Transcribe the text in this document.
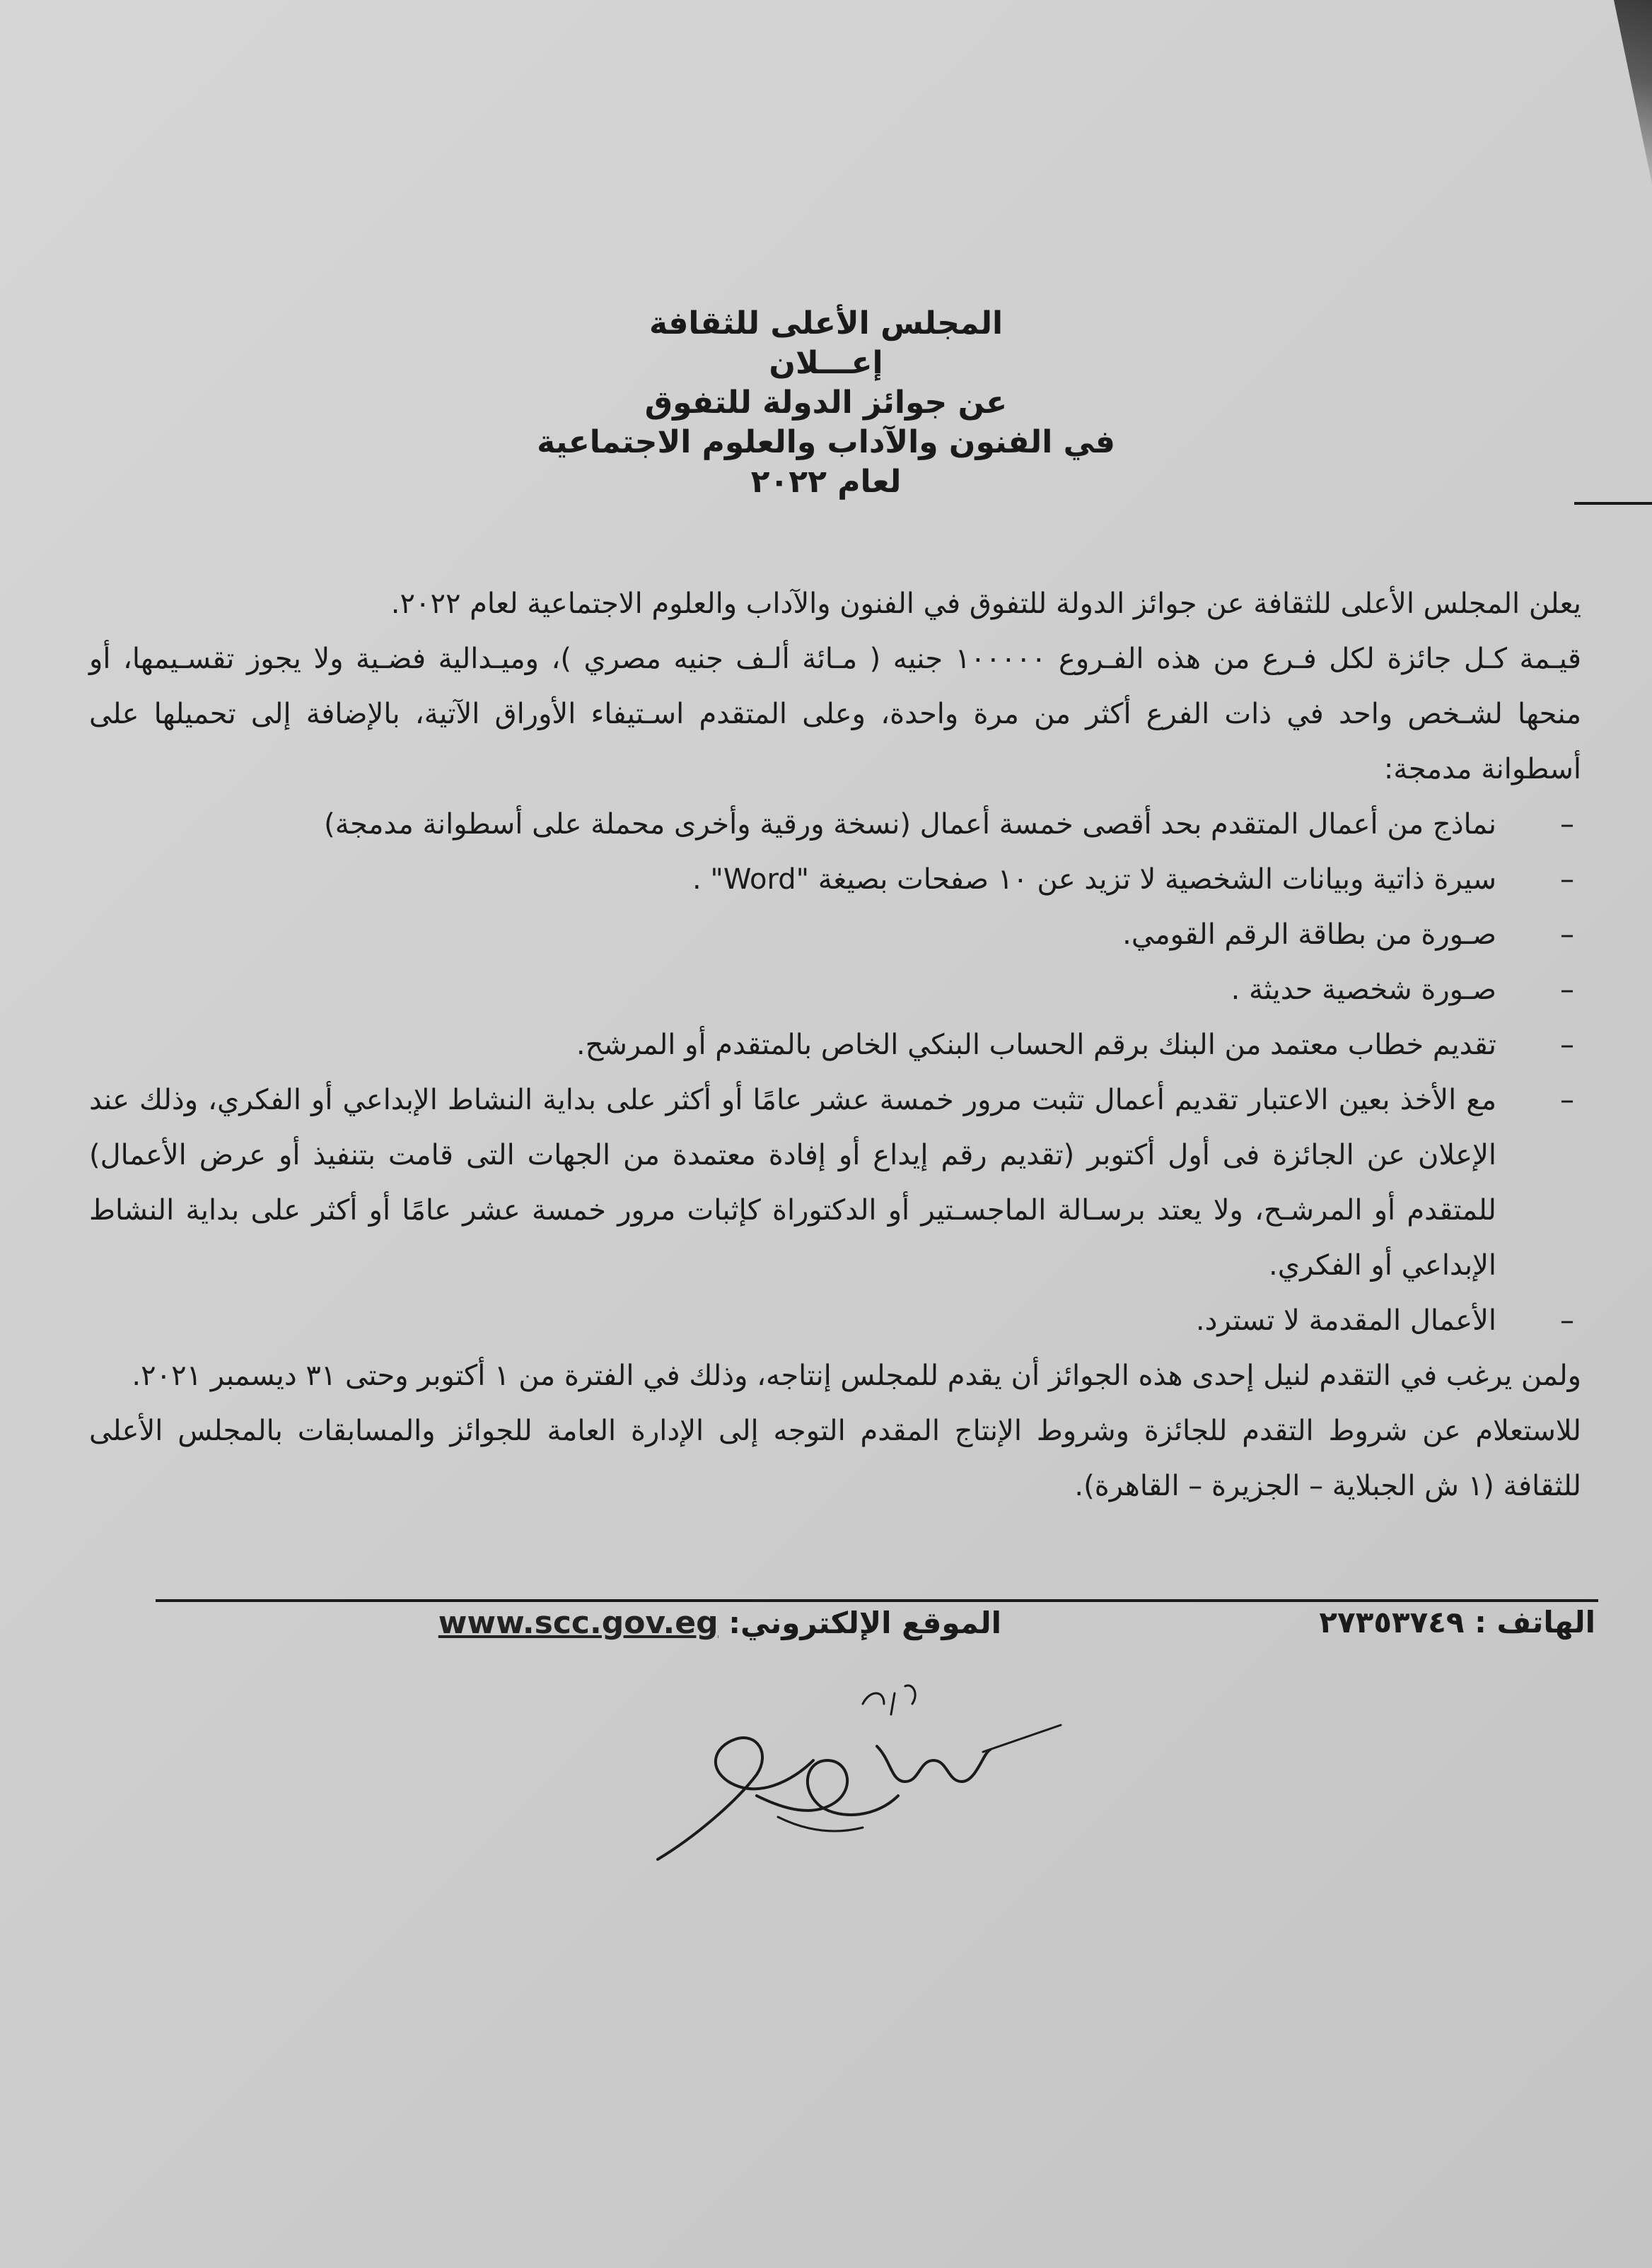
المجلس الأعلى للثقافة
إعـــلان
عن جوائز الدولة للتفوق
في الفنون والآداب والعلوم الاجتماعية
لعام ٢٠٢٢

يعلن المجلس الأعلى للثقافة عن جوائز الدولة للتفوق في الفنون والآداب والعلوم الاجتماعية لعام ٢٠٢٢.

قيـمة كـل جائزة لكل فـرع من هذه الفـروع ١٠٠٠٠٠ جنيه ( مـائة ألـف جنيه مصري )، وميـدالية فضـية ولا يجوز تقسـيمها، أو منحها لشـخص واحد في ذات الفرع أكثر من مرة واحدة، وعلى المتقدم اسـتيفاء الأوراق الآتية، بالإضافة إلى تحميلها على أسطوانة مدمجة:

–
نماذج من أعمال المتقدم بحد أقصى خمسة أعمال (نسخة ورقية وأخرى محملة على أسطوانة مدمجة)
–
سيرة ذاتية وبيانات الشخصية لا تزيد عن ١٠ صفحات بصيغة "Word" .
–
صـورة من بطاقة الرقم القومي.
–
صـورة شخصية حديثة .
–
تقديم خطاب معتمد من البنك برقم الحساب البنكي الخاص بالمتقدم أو المرشح.
–
مع الأخذ بعين الاعتبار تقديم أعمال تثبت مرور خمسة عشر عامًا أو أكثر على بداية النشاط الإبداعي أو الفكري، وذلك عند الإعلان عن الجائزة فى أول أكتوبر (تقديم رقم إيداع أو إفادة معتمدة من الجهات التى قامت بتنفيذ أو عرض الأعمال) للمتقدم أو المرشـح، ولا يعتد برسـالة الماجسـتير أو الدكتوراة كإثبات مرور خمسة عشر عامًا أو أكثر على بداية النشاط الإبداعي أو الفكري.
–
الأعمال المقدمة لا تسترد.

ولمن يرغب في التقدم لنيل إحدى هذه الجوائز أن يقدم للمجلس إنتاجه، وذلك في الفترة من ١ أكتوبر وحتى ٣١ ديسمبر ٢٠٢١.

للاستعلام عن شروط التقدم للجائزة وشروط الإنتاج المقدم التوجه إلى الإدارة العامة للجوائز والمسابقات بالمجلس الأعلى للثقافة (١ ش الجبلاية – الجزيرة – القاهرة).

الهاتف : ٢٧٣٥٣٧٤٩
الموقع الإلكتروني: www.scc.gov.eg
